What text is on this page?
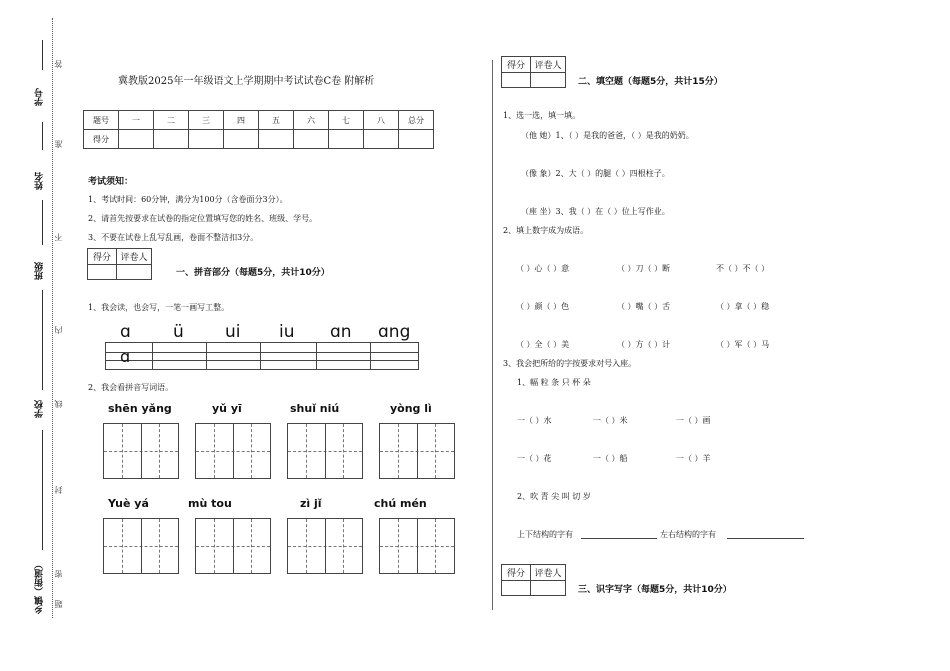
学号
姓名
班级
学校
乡镇（街道）
答
准
不
内
线
封
密
题
冀教版2025年一年级语文上学期期中考试试卷C卷 附解析
题号	一	二	三	四	五	六	七	八	总分
得分									
考试须知：
1、考试时间：60分钟，满分为100分（含卷面分3分）。
2、请首先按要求在试卷的指定位置填写您的姓名、班级、学号。
3、不要在试卷上乱写乱画，卷面不整洁扣3分。
得分	评卷人

一、拼音部分（每题5分，共计10分）
1、我会读，也会写，一笔一画写工整。
ɑ ü ui iu ɑn ɑng
ɑ
2、我会看拼音写词语。
shēn yǎng	yǔ yī	shuǐ niú	yòng lì
Yuè yá	mù tou	zì jǐ	chú mén
得分	评卷人

二、填空题（每题5分，共计15分）
1、选一选，填一填。
（他 她）1、（ ）是我的爸爸，（ ）是我的奶奶。
（像 象）2、大（ ）的腿（ ）四根柱子。
（座 坐）3、我（ ）在（ ）位上写作业。
2、填上数字成为成语。
（ ）心（ ）意	（ ）刀（ ）断	不（ ）不（ ）
（ ）颜（ ）色	（ ）嘴（ ）舌	（ ）拿（ ）稳
（ ）全（ ）美	（ ）方（ ）计	（ ）军（ ）马
3、我会把所给的字按要求对号入座。
1、幅 粒 条 只 杯 朵
一（ ）水	一（ ）米	一（ ）画
一（ ）花	一（ ）船	一（ ）羊
2、吹 青 尖 叫 切 岁
上下结构的字有	左右结构的字有
得分	评卷人

三、识字写字（每题5分，共计10分）
